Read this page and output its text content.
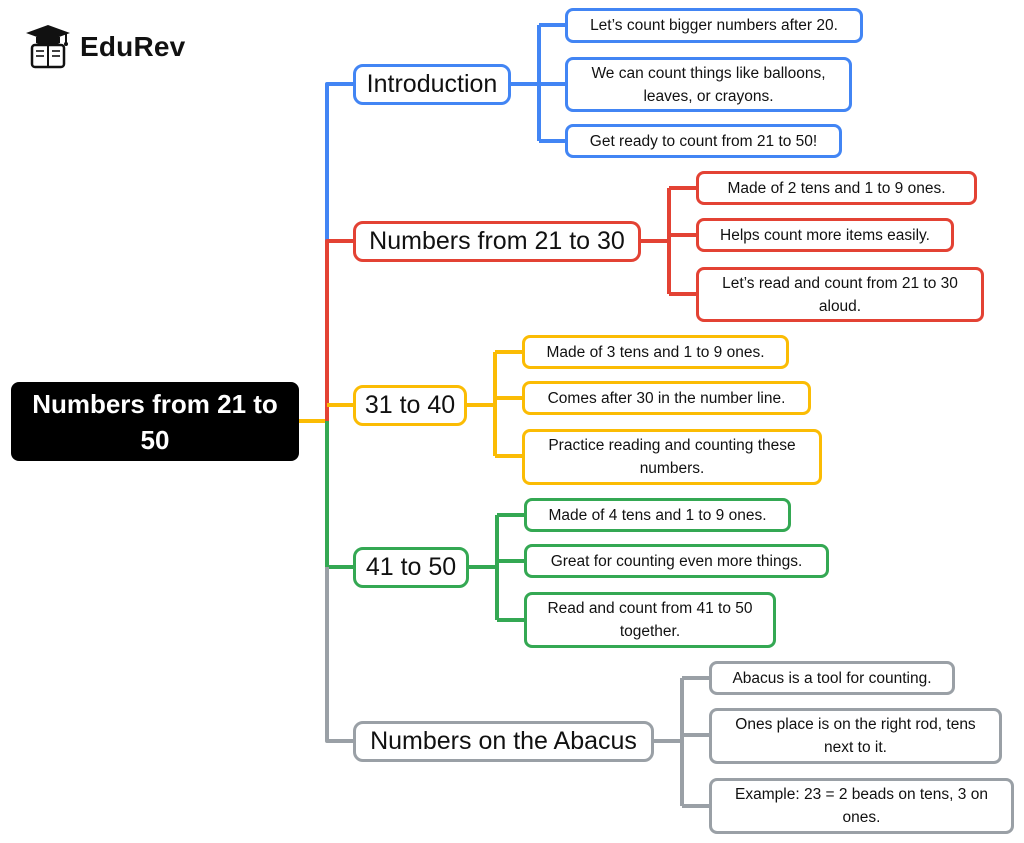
EduRev
Numbers from 21 to 50
Introduction
Let’s count bigger numbers after 20.
We can count things like balloons, leaves, or crayons.
Get ready to count from 21 to 50!
Numbers from 21 to 30
Made of 2 tens and 1 to 9 ones.
Helps count more items easily.
Let’s read and count from 21 to 30 aloud.
31 to 40
Made of 3 tens and 1 to 9 ones.
Comes after 30 in the number line.
Practice reading and counting these numbers.
41 to 50
Made of 4 tens and 1 to 9 ones.
Great for counting even more things.
Read and count from 41 to 50 together.
Numbers on the Abacus
Abacus is a tool for counting.
Ones place is on the right rod, tens next to it.
Example: 23 = 2 beads on tens, 3 on ones.
